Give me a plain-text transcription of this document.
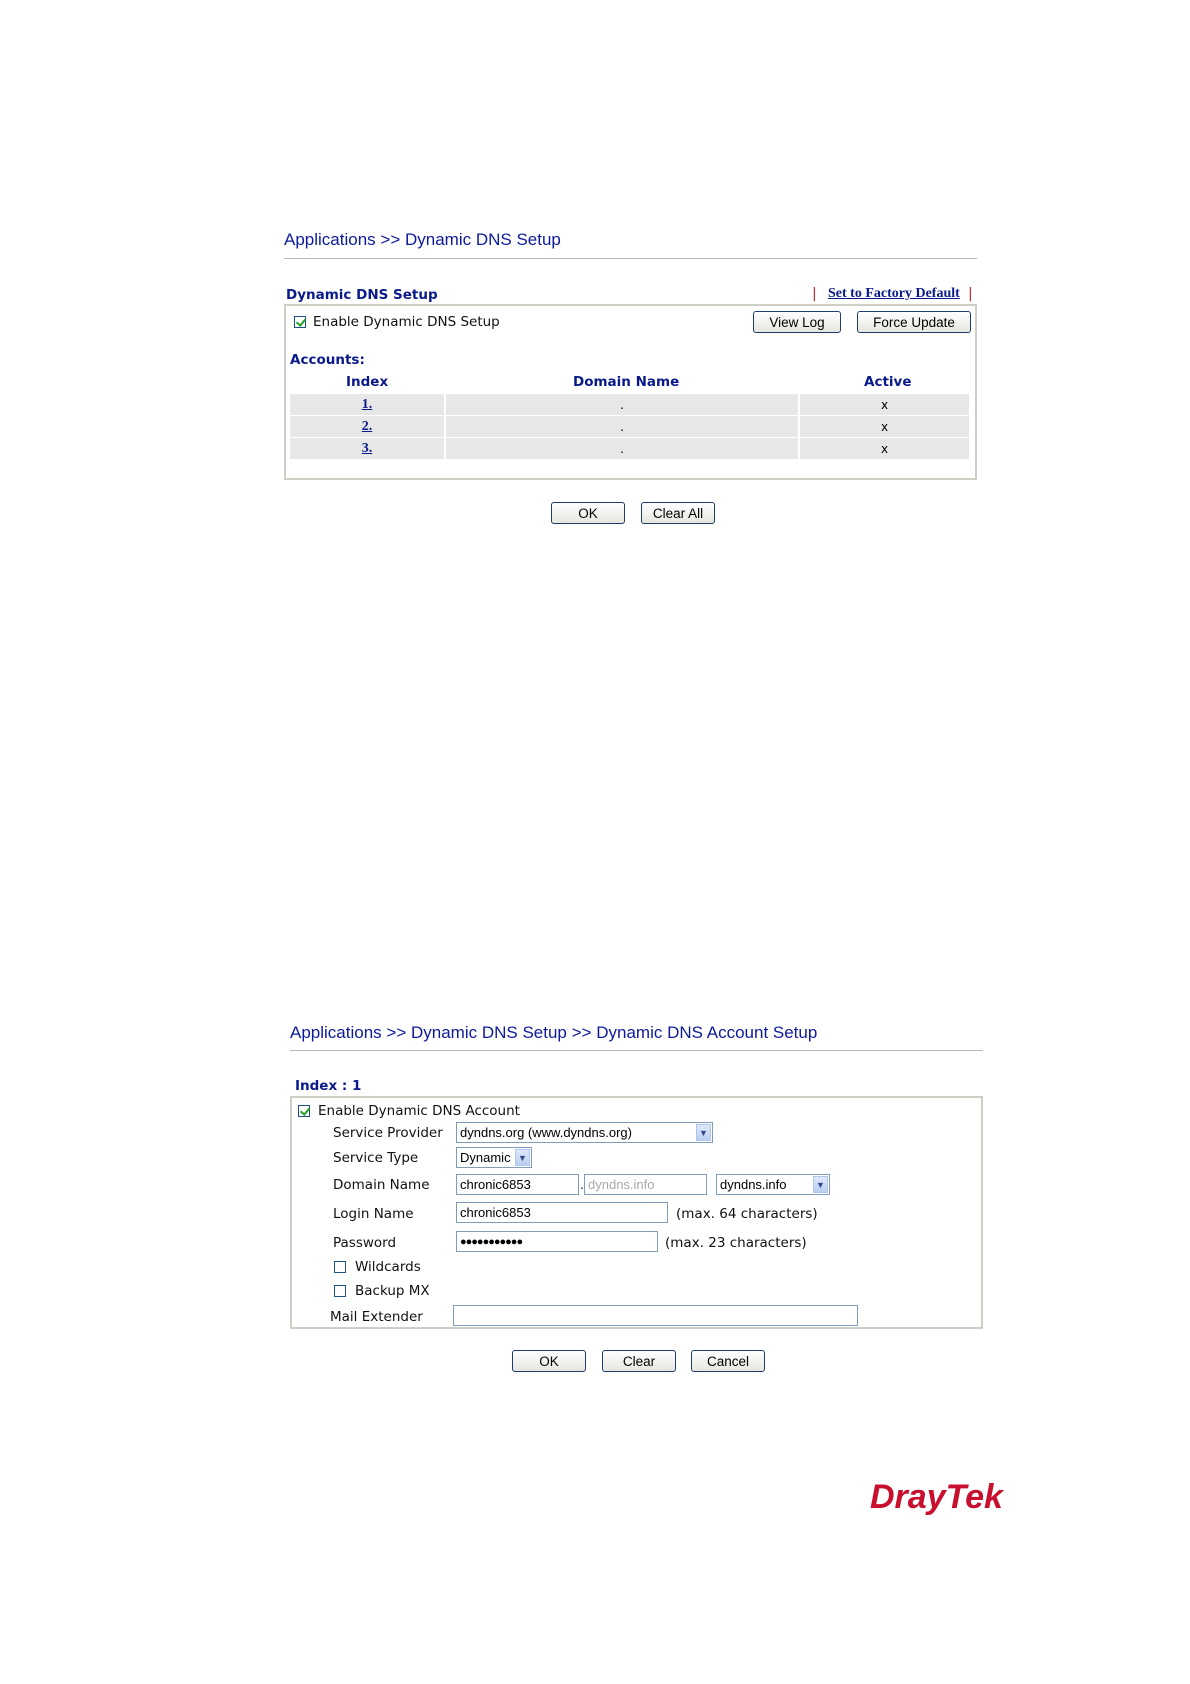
Applications >> Dynamic DNS Setup
Dynamic DNS Setup	| Set to Factory Default |
Enable Dynamic DNS Setup	View Log	Force Update
Accounts:
Index	Domain Name	Active
1.	.	x
2.	.	x
3.	.	x
OK	Clear All
Applications >> Dynamic DNS Setup >> Dynamic DNS Account Setup
Index : 1
Enable Dynamic DNS Account
Service Provider dyndns.org (www.dyndns.org)	▼
Service Type	Dynamic ▼
Domain Name	chronic6853	. dyndns.info	dyndns.info	▼
Login Name	chronic6853	(max. 64 characters)
Password	●●●●●●●●●●●	(max. 23 characters)
Wildcards
Backup MX
Mail Extender
OK	Clear	Cancel
DrayTek
